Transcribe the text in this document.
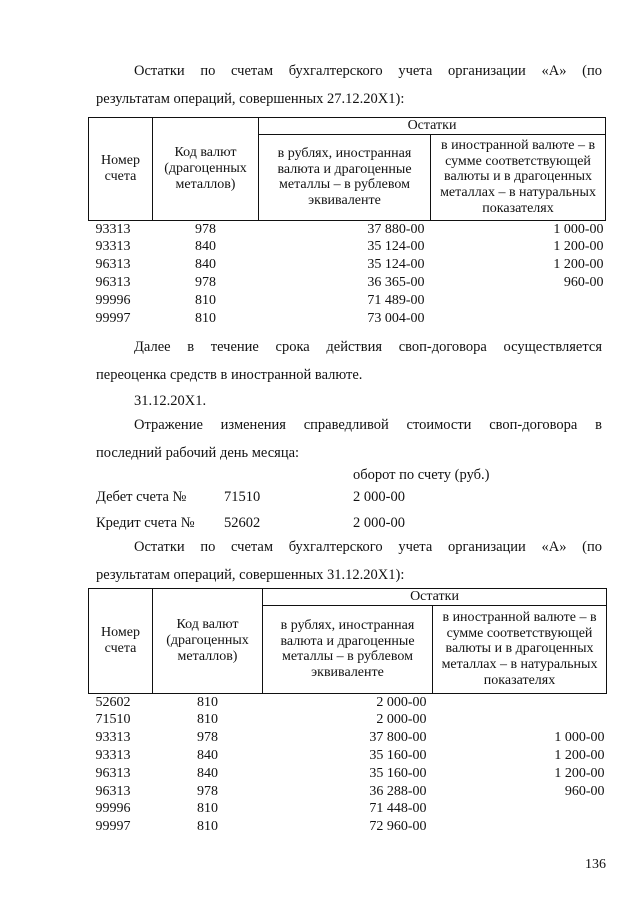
Остатки по счетам бухгалтерского учета организации «А» (по
результатам операций, совершенных 27.12.20Х1):
Номер счета	Код валют (драгоценных металлов)	Остатки	
		в рублях, иностранная валюта и драгоценные металлы – в рублевом эквиваленте	в иностранной валюте – в сумме соответствующей валюты и в драгоценных металлах – в натуральных показателях
93313	978	37 880-00	1 000-00
93313	840	35 124-00	1 200-00
96313	840	35 124-00	1 200-00
96313	978	36 365-00	960-00
99996	810	71 489-00	
99997	810	73 004-00	
Далее в течение срока действия своп-договора осуществляется
переоценка средств в иностранной валюте.
31.12.20Х1.
Отражение изменения справедливой стоимости своп-договора в
последний рабочий день месяца:
оборот по счету (руб.)
Дебет счета №	71510	2 000-00
Кредит счета № 52602	2 000-00
Остатки по счетам бухгалтерского учета организации «А» (по
результатам операций, совершенных 31.12.20Х1):
Номер счета	Код валют (драгоценных металлов)	Остатки	
		в рублях, иностранная валюта и драгоценные металлы – в рублевом эквиваленте	в иностранной валюте – в сумме соответствующей валюты и в драгоценных металлах – в натуральных показателях
52602	810	2 000-00	
71510	810	2 000-00	
93313	978	37 800-00	1 000-00
93313	840	35 160-00	1 200-00
96313	840	35 160-00	1 200-00
96313	978	36 288-00	960-00
99996	810	71 448-00	
99997	810	72 960-00	
136
